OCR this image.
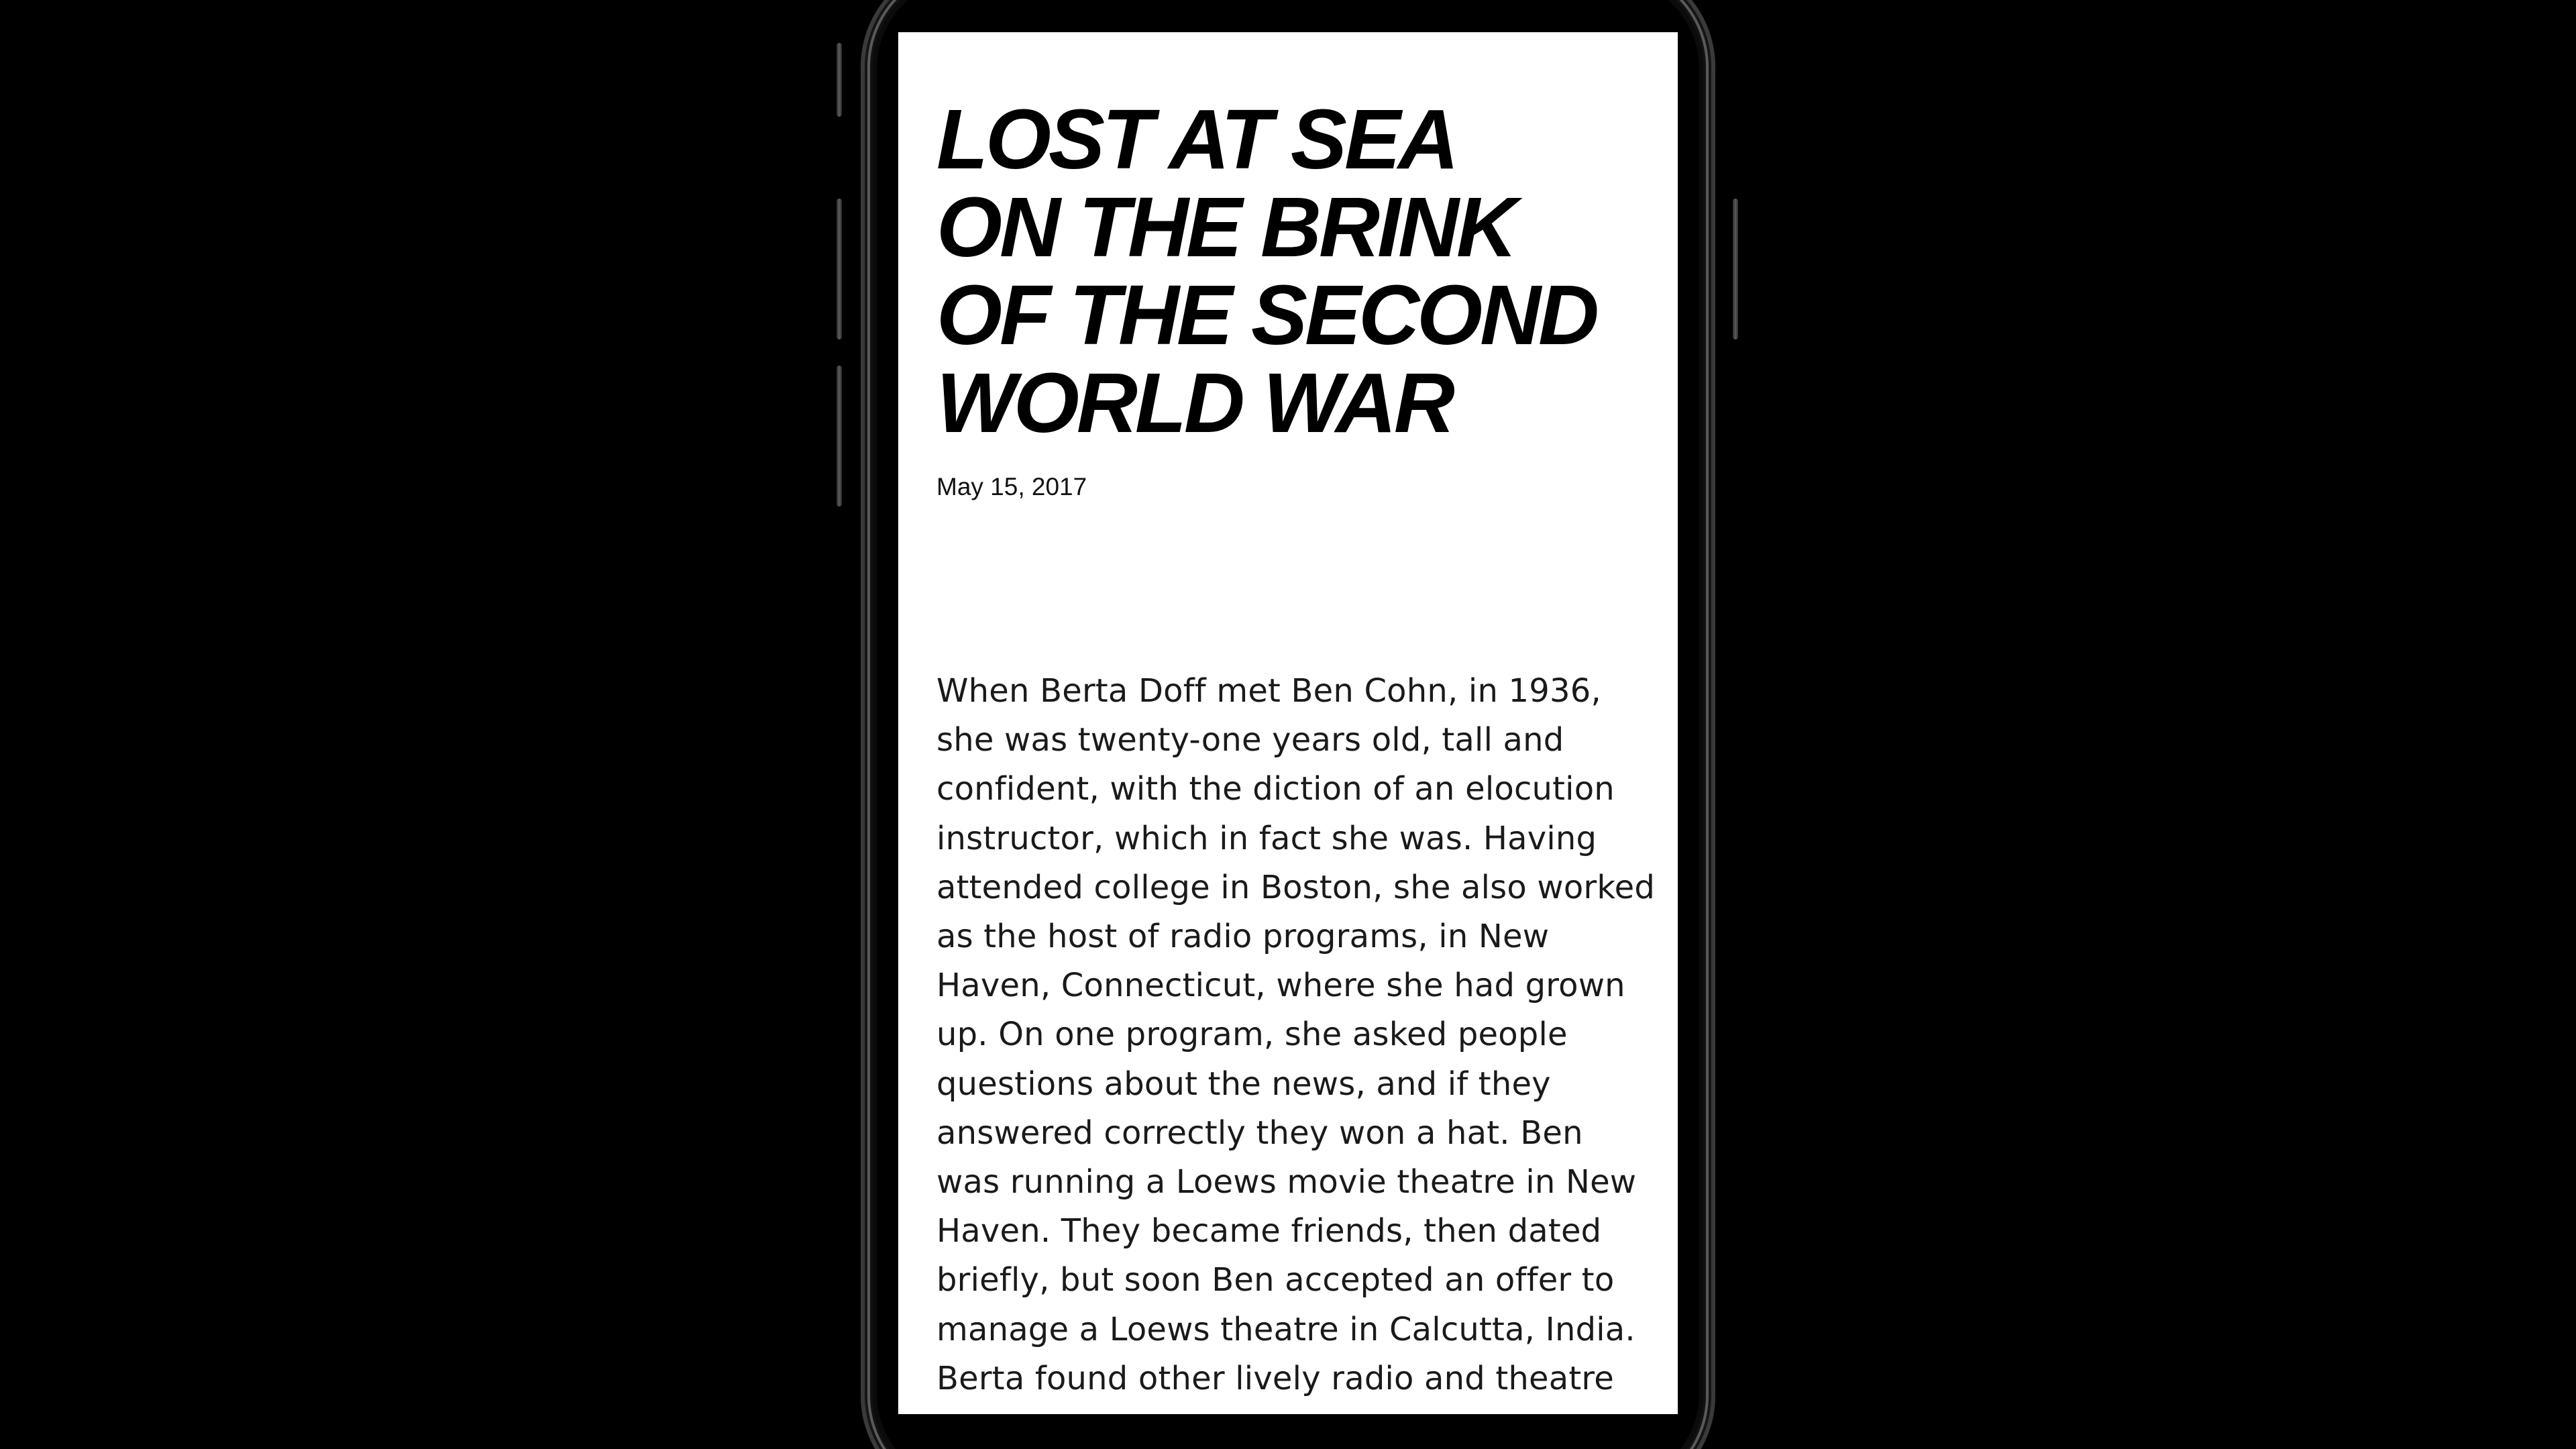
LOST AT SEA
ON THE BRINK
OF THE SECOND
WORLD WAR
May 15, 2017
When Berta Doff met Ben Cohn, in 1936,
she was twenty-one years old, tall and
confident, with the diction of an elocution
instructor, which in fact she was. Having
attended college in Boston, she also worked
as the host of radio programs, in New
Haven, Connecticut, where she had grown
up. On one program, she asked people
questions about the news, and if they
answered correctly they won a hat. Ben
was running a Loews movie theatre in New
Haven. They became friends, then dated
briefly, but soon Ben accepted an offer to
manage a Loews theatre in Calcutta, India.
Berta found other lively radio and theatre
